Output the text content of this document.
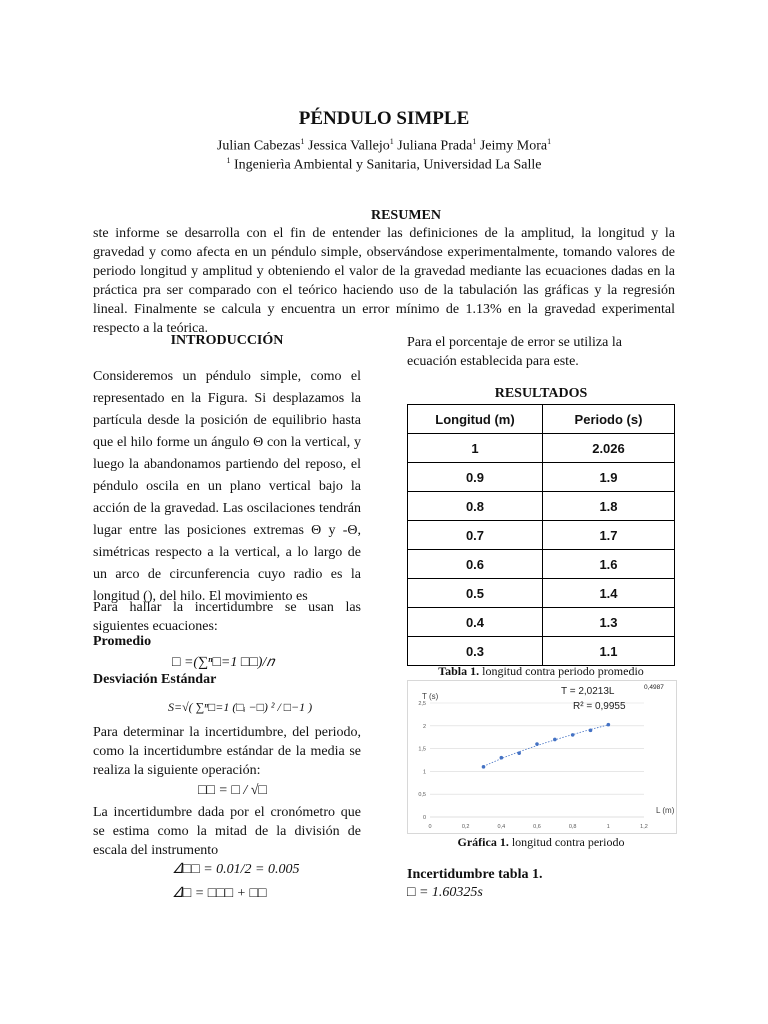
PÉNDULO SIMPLE
Julian Cabezas$^1$ Jessica Vallejo$^1$ Juliana Prada$^1$ Jeimy Mora$^1$
$^1$ Ingenierìa Ambiental y Sanitaria, Universidad La Salle
RESUMEN
ste informe se desarrolla con el fin de entender las definiciones de la amplitud, la longitud y la gravedad y como afecta en un péndulo simple, observándose experimentalmente, tomando valores de periodo longitud y amplitud y obteniendo el valor de la gravedad mediante las ecuaciones dadas en la práctica pra ser comparado con el teórico haciendo uso de la tabulación las gráficas y la regresión lineal. Finalmente se calcula y encuentra un error mínimo de 1.13% en la gravedad experimental respecto a la teórica.
INTRODUCCIÓN
Consideremos un péndulo simple, como el representado en la Figura. Si desplazamos la partícula desde la posición de equilibrio hasta que el hilo forme un ángulo Θ con la vertical, y luego la abandonamos partiendo del reposo, el péndulo oscila en un plano vertical bajo la acción de la gravedad. Las oscilaciones tendrán lugar entre las posiciones extremas Θ y -Θ, simétricas respecto a la vertical, a lo largo de un arco de circunferencia cuyo radio es la longitud (), del hilo. El movimiento es
Para hallar la incertidumbre se usan las siguientes ecuaciones:
Promedio
□ =(∑ⁿ□=1 □□)/𝑛
Desviación Estándar
S=√( ∑ⁿ□=1 (□ᵢ −□) ² / □−1 )
Para determinar la incertidumbre, del periodo, como la incertidumbre estándar de la media se realiza la siguiente operación:
□□ = □ / √□
La incertidumbre dada por el cronómetro que se estima como la mitad de la división de escala del instrumento
𝛥□□ = 0.01/2 = 0.005
𝛥□ = □□□ + □□
Para el porcentaje de error se utiliza la ecuación establecida para este.
RESULTADOS
Longitud (m)	Periodo (s)
1	2.026
0.9	1.9
0.8	1.8
0.7	1.7
0.6	1.6
0.5	1.4
0.4	1.3
0.3	1.1
Tabla 1. longitud contra periodo promedio
0
0,5
1
1,5
2
2,5
0	0,2	0,4	0,6	0,8	1	1,2
T (s)
L (m)
T = 2,0213L	0,4987
R² = 0,9955
Gráfica 1. longitud contra periodo
Incertidumbre tabla 1.
□ = 1.60325s
